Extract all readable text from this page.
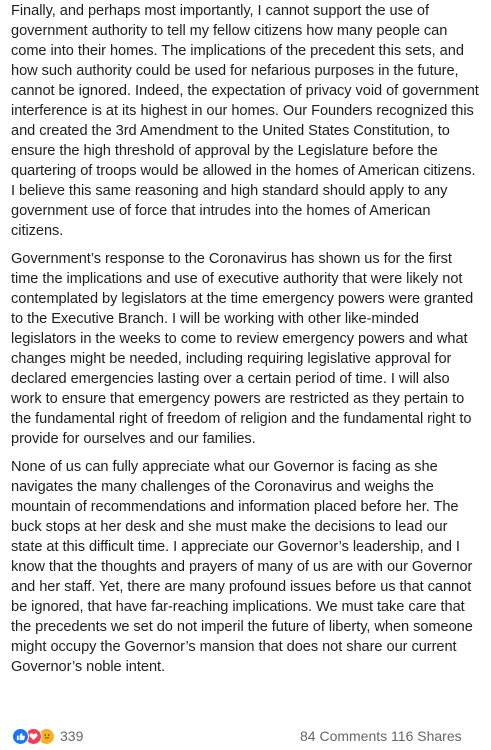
Finally, and perhaps most importantly, I cannot support the use of government authority to tell my fellow citizens how many people can come into their homes. The implications of the precedent this sets, and how such authority could be used for nefarious purposes in the future, cannot be ignored. Indeed, the expectation of privacy void of government interference is at its highest in our homes. Our Founders recognized this and created the 3rd Amendment to the United States Constitution, to ensure the high threshold of approval by the Legislature before the quartering of troops would be allowed in the homes of American citizens. I believe this same reasoning and high standard should apply to any government use of force that intrudes into the homes of American citizens.

Government’s response to the Coronavirus has shown us for the first time the implications and use of executive authority that were likely not contemplated by legislators at the time emergency powers were granted to the Executive Branch. I will be working with other like-minded legislators in the weeks to come to review emergency powers and what changes might be needed, including requiring legislative approval for declared emergencies lasting over a certain period of time. I will also work to ensure that emergency powers are restricted as they pertain to the fundamental right of freedom of religion and the fundamental right to provide for ourselves and our families.

None of us can fully appreciate what our Governor is facing as she navigates the many challenges of the Coronavirus and weighs the mountain of recommendations and information placed before her. The buck stops at her desk and she must make the decisions to lead our state at this difficult time. I appreciate our Governor’s leadership, and I know that the thoughts and prayers of many of us are with our Governor and her staff. Yet, there are many profound issues before us that cannot be ignored, that have far-reaching implications. We must take care that the precedents we set do not imperil the future of liberty, when someone might occupy the Governor’s mansion that does not share our current Governor’s noble intent.

339	84 Comments 116 Shares
